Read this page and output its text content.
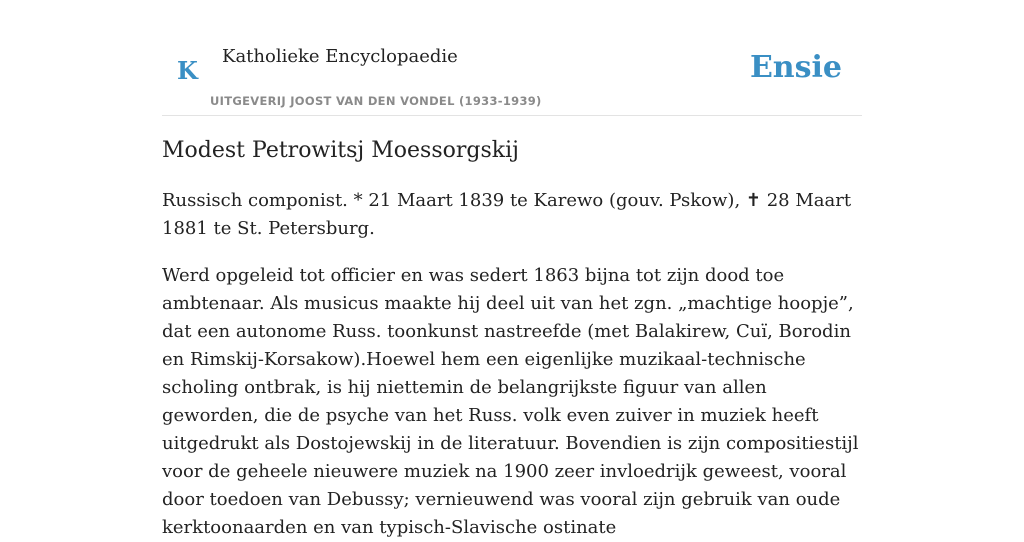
K Katholieke Encyclopaedie
UITGEVERIJ JOOST VAN DEN VONDEL (1933-1939)
Ensie
Modest Petrowitsj Moessorgskij

Russisch componist. * 21 Maart 1839 te Karewo (gouv. Pskow), ✝ 28 Maart 1881 te St. Petersburg.

Werd opgeleid tot officier en was sedert 1863 bijna tot zijn dood toe ambtenaar. Als musicus maakte hij deel uit van het zgn. „machtige hoopje”, dat een autonome Russ. toonkunst nastreefde (met Balakirew, Cuï, Borodin en Rimskij-Korsakow).Hoewel hem een eigenlijke muzikaal-technische scholing ontbrak, is hij niettemin de belangrijkste figuur van allen geworden, die de psyche van het Russ. volk even zuiver in muziek heeft uitgedrukt als Dostojewskij in de literatuur. Bovendien is zijn compositiestijl voor de geheele nieuwere muziek na 1900 zeer invloedrijk geweest, vooral door toedoen van Debussy; vernieuwend was vooral zijn gebruik van oude kerktoonaarden en van typisch-Slavische ostinate
